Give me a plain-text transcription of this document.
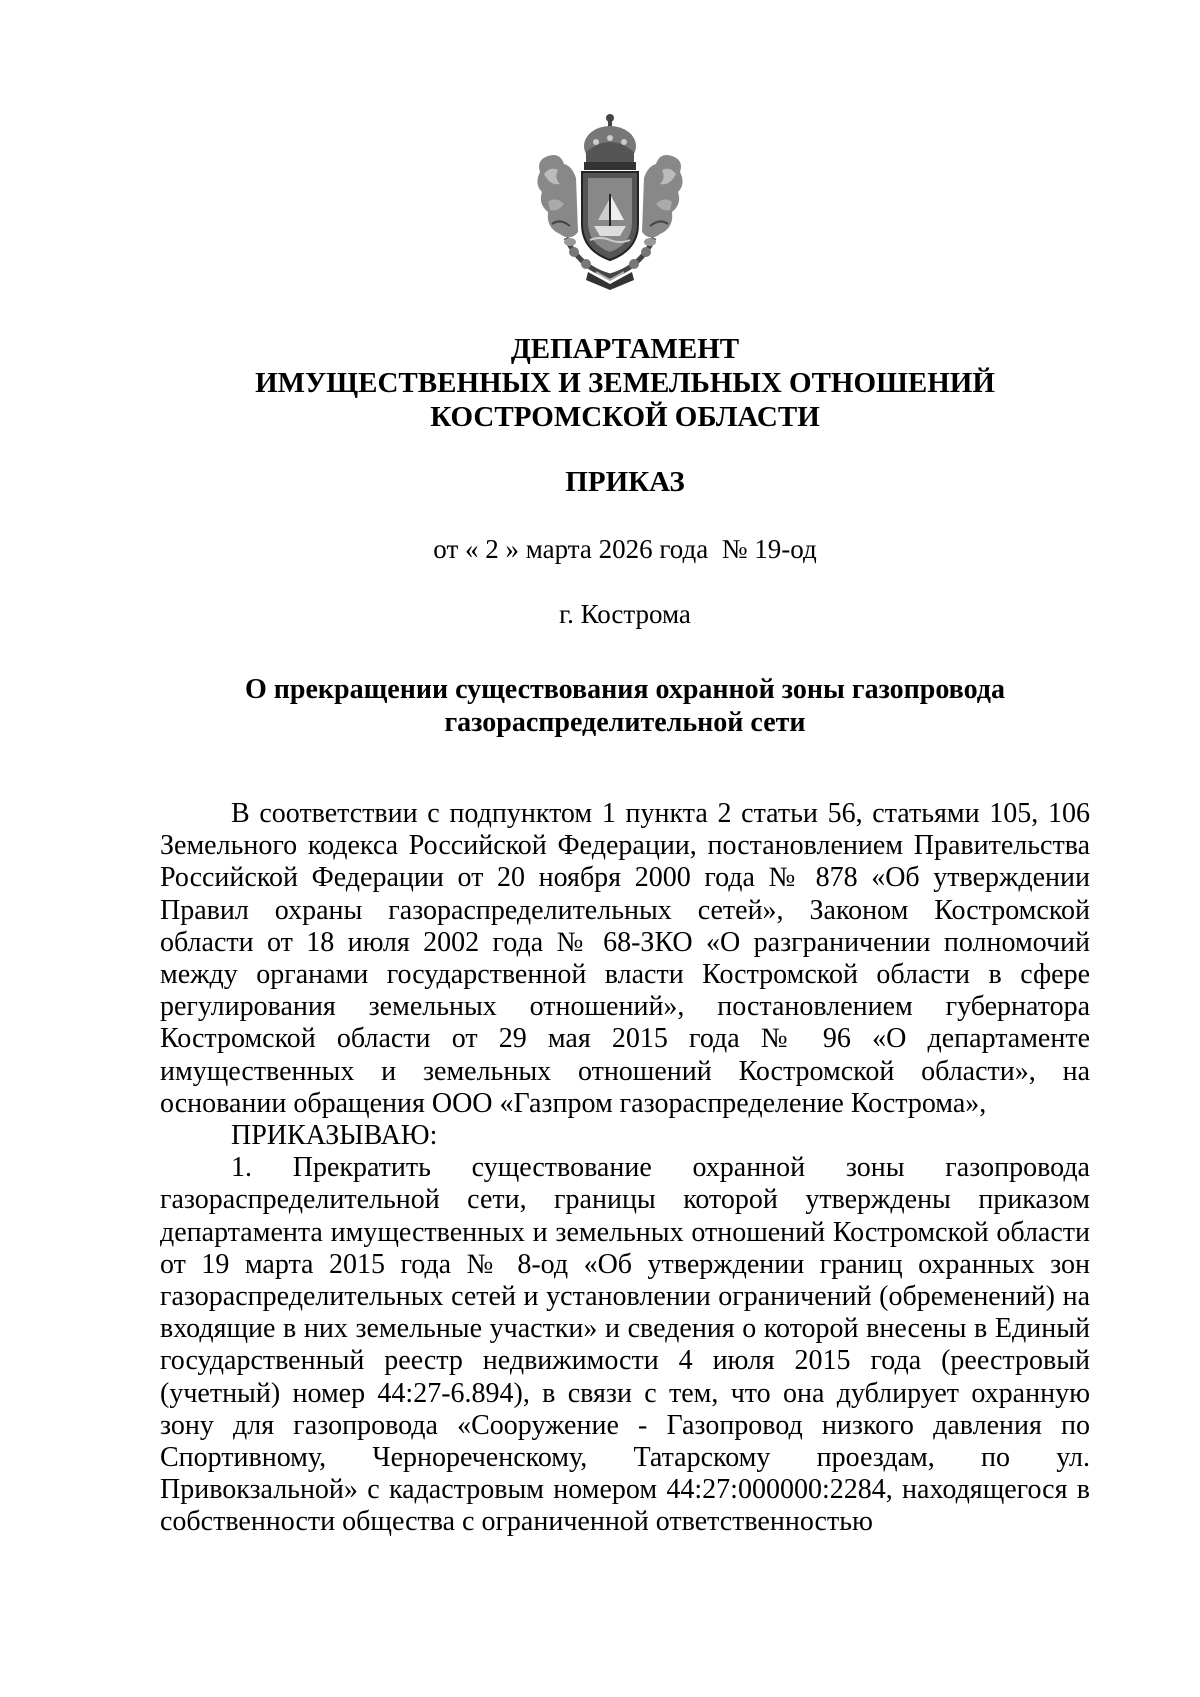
ДЕПАРТАМЕНТ
ИМУЩЕСТВЕННЫХ И ЗЕМЕЛЬНЫХ ОТНОШЕНИЙ
КОСТРОМСКОЙ ОБЛАСТИ
ПРИКАЗ
от « 2 » марта 2026 года  № 19-од
г. Кострома
О прекращении существования охранной зоны газопровода
газораспределительной сети

В соответствии с подпунктом 1 пункта 2 статьи 56, статьями 105, 106 Земельного кодекса Российской Федерации, постановлением Правительства Российской Федерации от 20 ноября 2000 года № 878 «Об утверждении Правил охраны газораспределительных сетей», Законом Костромской области от 18 июля 2002 года № 68-ЗКО «О разграничении полномочий между органами государственной власти Костромской области в сфере регулирования земельных отношений», постановлением губернатора Костромской области от 29 мая 2015 года № 96 «О департаменте имущественных и земельных отношений Костромской области», на основании обращения ООО «Газпром газораспределение Кострома»,

ПРИКАЗЫВАЮ:

1. Прекратить существование охранной зоны газопровода газораспределительной сети, границы которой утверждены приказом департамента имущественных и земельных отношений Костромской области от 19 марта 2015 года № 8-од «Об утверждении границ охранных зон газораспределительных сетей и установлении ограничений (обременений) на входящие в них земельные участки» и сведения о которой внесены в Единый государственный реестр недвижимости 4 июля 2015 года (реестровый (учетный) номер 44:27-6.894), в связи с тем, что она дублирует охранную зону для газопровода «Сооружение - Газопровод низкого давления по Спортивному, Чернореченскому, Татарскому проездам, по ул. Привокзальной» с кадастровым номером 44:27:000000:2284, находящегося в собственности общества с ограниченной ответственностью
